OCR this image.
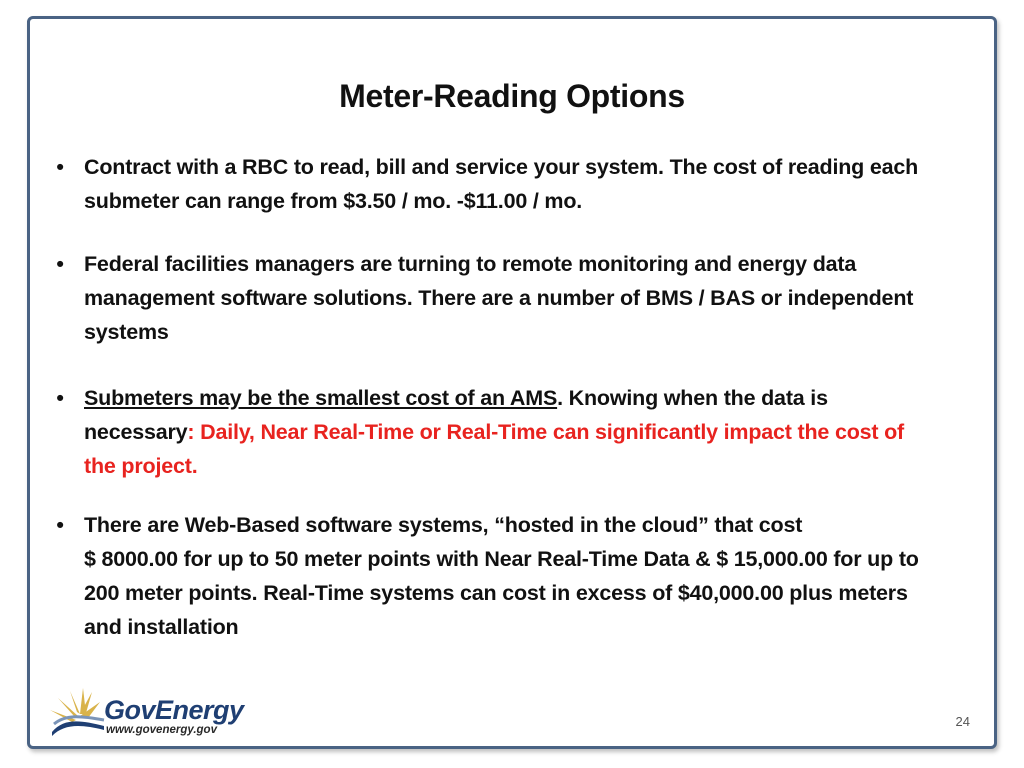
Meter-Reading Options
• Contract with a RBC to read, bill and service your system. The cost of reading each submeter can range from $3.50 / mo. -$11.00 / mo.
• Federal facilities managers are turning to remote monitoring and energy data management software solutions. There are a number of BMS / BAS or independent systems
• Submeters may be the smallest cost of an AMS. Knowing when the data is necessary: Daily, Near Real-Time or Real-Time can significantly impact the cost of the project.
• There are Web-Based software systems, “hosted in the cloud” that cost
$ 8000.00 for up to 50 meter points with Near Real-Time Data & $ 15,000.00 for up to 200 meter points. Real-Time systems can cost in excess of $40,000.00 plus meters and installation
GovEnergy
www.govenergy.gov
24
